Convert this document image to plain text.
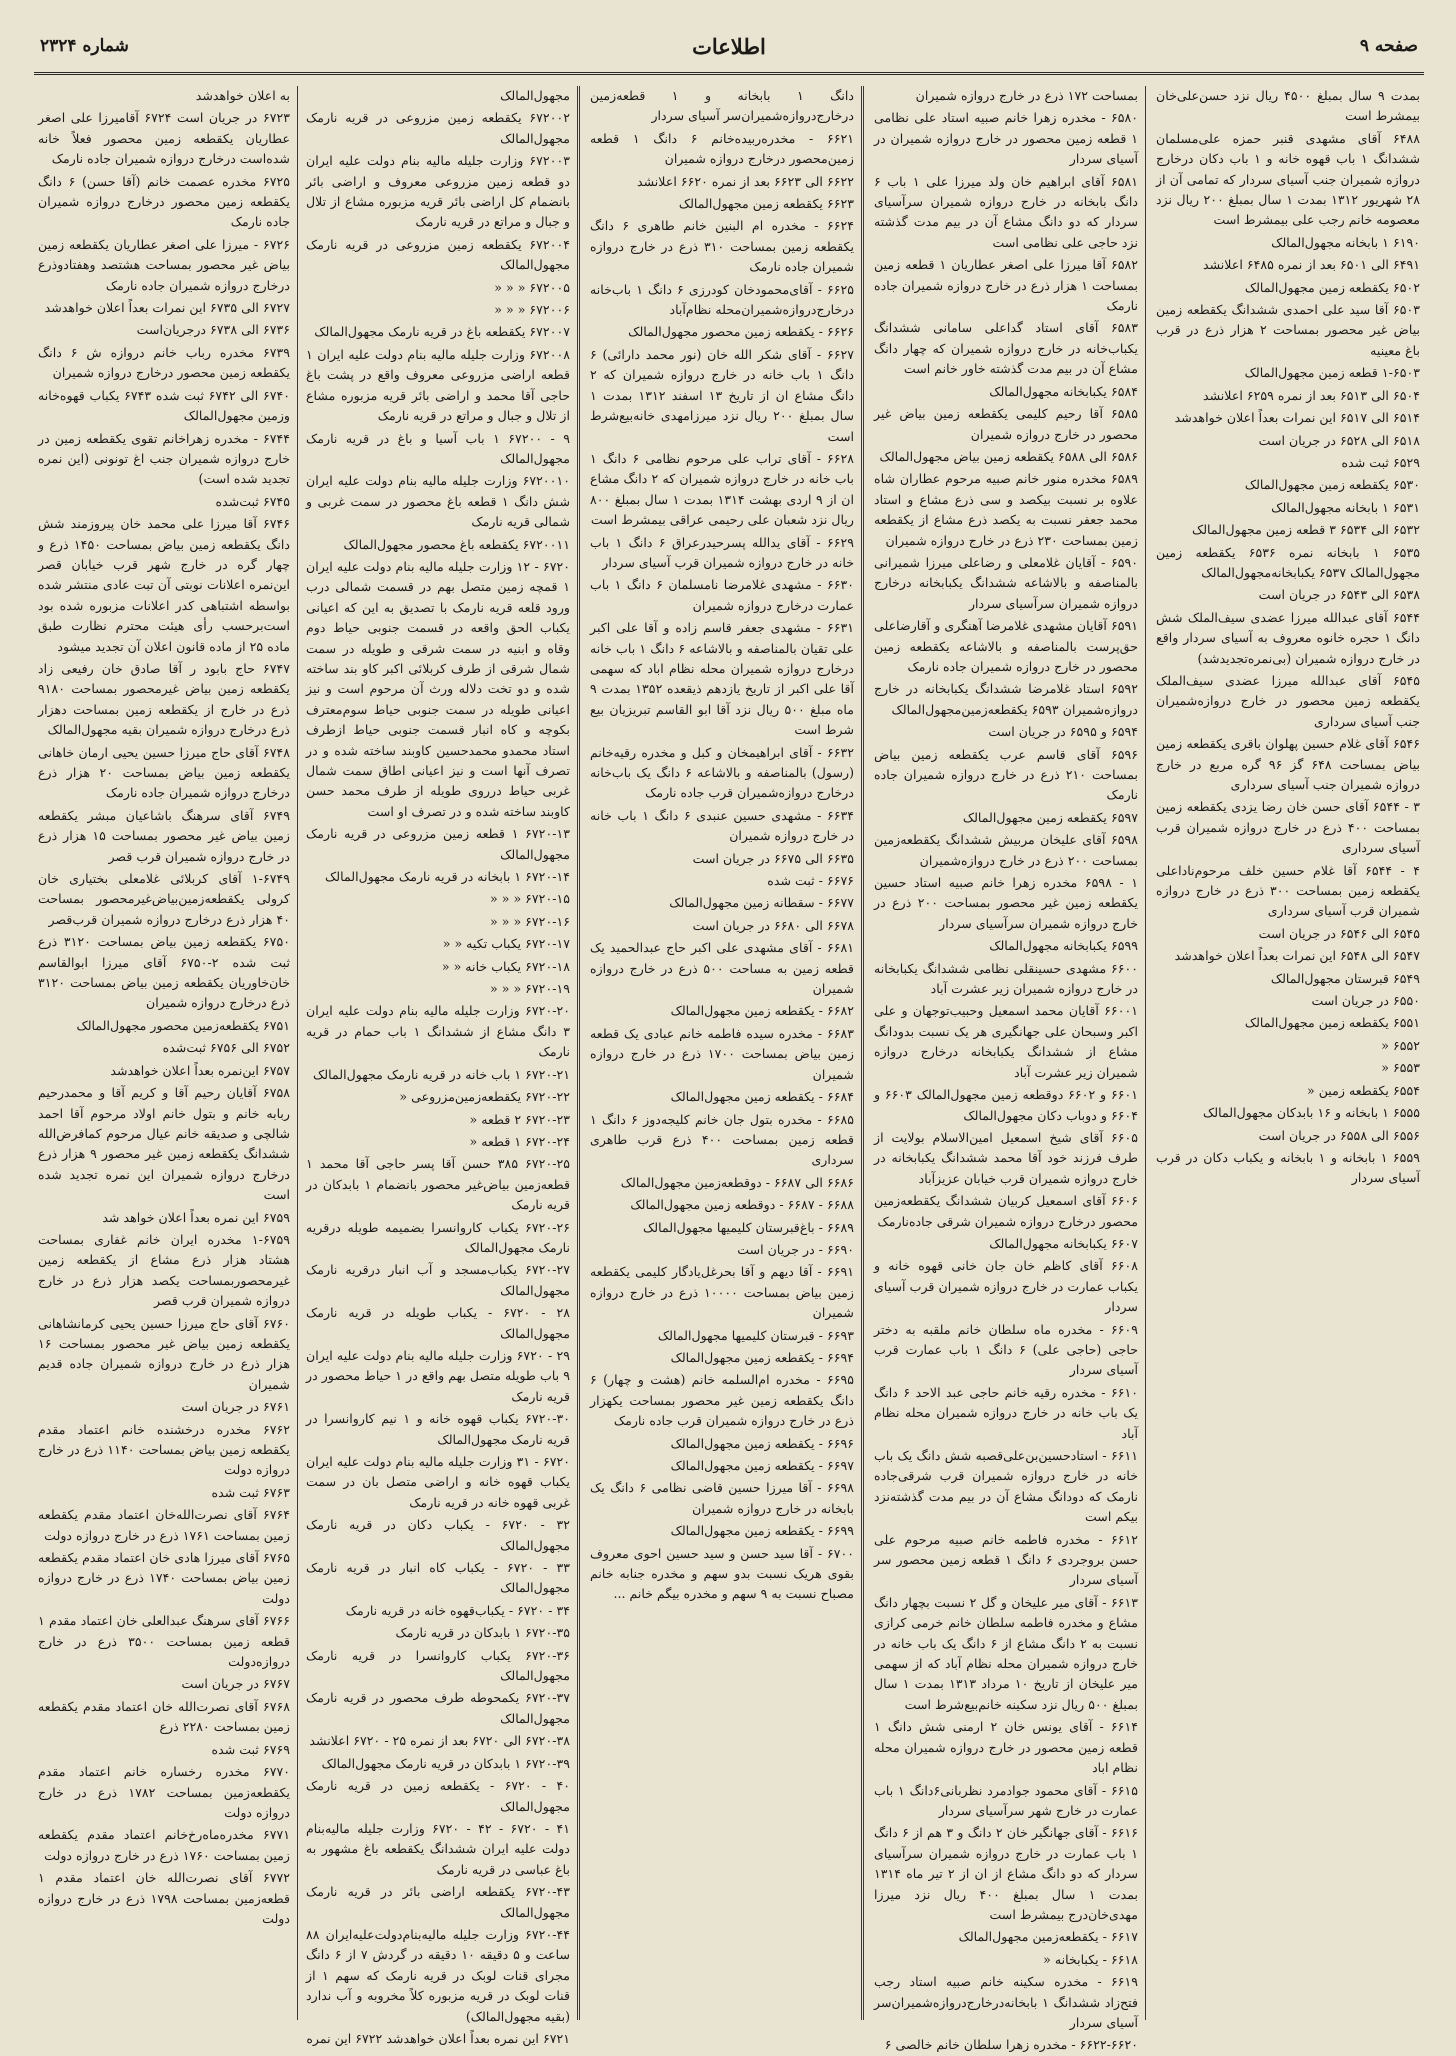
صفحه ۹
اطلاعات
شماره ۲۳۲۴

بمدت ۹ سال بمبلغ ۴۵۰۰ ریال نزد حسن‌علی‌خان بیمشرط است

۶۴۸۸ آقای مشهدی قنبر حمزه علی‌مسلمان ششدانگ ۱ باب قهوه خانه و ۱ باب دکان درخارج دروازه شمیران جنب آسیای سردار که تمامی آن از ۲۸ شهریور ۱۳۱۲ بمدت ۱ سال بمبلغ ۲۰۰ ریال نزد معصومه خانم رجب علی بیمشرط است

۶۱۹۰ ۱ بابخانه مجهول‌المالک

۶۴۹۱ الی ۶۵۰۱ بعد از نمره ۶۴۸۵ اعلانشد

۶۵۰۲ یکقطعه زمین مجهول‌المالک

۶۵۰۳ آقا سید علی احمدی ششدانگ یکقطعه زمین بیاض غیر محصور بمساحت ۲ هزار ذرع در قرب باغ معینیه

۱-۶۵۰۳ قطعه زمین مجهول‌المالک

۶۵۰۴ الی ۶۵۱۳ بعد از نمره ۶۲۵۹ اعلانشد

۶۵۱۴ الی ۶۵۱۷ این نمرات بعداً اعلان خواهدشد

۶۵۱۸ الی ۶۵۲۸ در جریان است

۶۵۲۹ ثبت شده

۶۵۳۰ یکقطعه زمین مجهول‌المالک

۶۵۳۱ ۱ بابخانه مجهول‌المالک

۶۵۳۲ الی ۶۵۳۴ ۳ قطعه زمین مجهول‌المالک

۶۵۳۵ ۱ بابخانه نمره ۶۵۳۶ یکقطعه زمین مجهول‌المالک ۶۵۳۷ یکبابخانه‌مجهول‌المالک

۶۵۳۸ الی ۶۵۴۳ در جریان است

۶۵۴۴ آقای عبدالله میرزا عضدی سیف‌الملک شش دانگ ۱ حجره خانوه معروف به آسیای سردار واقع در خارج دروازه شمیران (بی‌نمره‌تجدید‌شد)

۶۵۴۵ آقای عبدالله میرزا عضدی سیف‌الملک یکقطعه زمین محصور در خارج دروازه‌شمیران جنب آسیای سرداری

۶۵۴۶ آقای غلام حسین پهلوان باقری یکقطعه زمین بیاض بمساحت ۶۴۸ گز ۹۶ گره مربع در خارج دروازه شمیران جنب آسیای سرداری

۳ - ۶۵۴۴ آقای حسن خان رضا یزدی یکقطعه زمین بمساحت ۴۰۰ ذرع در خارج دروازه شمیران قرب آسیای سرداری

۴ - ۶۵۴۴ آقا غلام حسین خلف مرحوم‌ناداعلی یکقطعه زمین بمساحت ۳۰۰ ذرع در خارج دروازه شمیران قرب آسیای سرداری

۶۵۴۵ الی ۶۵۴۶ در جریان است

۶۵۴۷ الی ۶۵۴۸ این نمرات بعداً اعلان خواهدشد

۶۵۴۹ قبرستان مجهول‌المالک

۶۵۵۰ در جریان است

۶۵۵۱ یکقطعه زمین مجهول‌المالک

۶۵۵۲ «

۶۵۵۳ «

۶۵۵۴ یکقطعه زمین «

۶۵۵۵ ۱ بابخانه و ۱۶ بابدکان مجهول‌المالک

۶۵۵۶ الی ۶۵۵۸ در جریان است

۶۵۵۹ ۱ بابخانه و ۱ بابخانه و یکباب دکان در قرب آسیای سردار

بمساحت ۱۷۲ ذرع در خارج دروازه شمیران

۶۵۸۰ - مخدره زهرا خانم صبیه استاد علی نظامی ۱ قطعه زمین محصور در خارج دروازه شمیران در آسیای سردار

۶۵۸۱ آقای ابراهیم خان ولد میرزا علی ۱ باب ۶ دانگ بابخانه در خارج دروازه شمیران سرآسیای سردار که دو دانگ مشاع آن در بیم مدت گذشته نزد حاجی علی نظامی است

۶۵۸۲ آقا میرزا علی اصغر عطاریان ۱ قطعه زمین بمساحت ۱ هزار ذرع در خارج دروازه شمیران جاده نارمک

۶۵۸۳ آقای استاد گداعلی سامانی ششدانگ یکباب‌خانه در خارج دروازه شمیران که چهار دانگ مشاع آن در بیم مدت گذشته خاور خانم است

۶۵۸۴ یکبابخانه مجهول‌المالک

۶۵۸۵ آقا رحیم کلیمی یکقطعه زمین بیاض غیر محصور در خارج دروازه شمیران

۶۵۸۶ الی ۶۵۸۸ یکقطعه زمین بیاض مجهول‌المالک

۶۵۸۹ مخدره منور خانم صبیه مرحوم عطاران شاه علاوه بر نسبت بیکصد و سی ذرع مشاع و استاد محمد جعفر نسبت به یکصد ذرع مشاع از یکقطعه زمین بمساحت ۲۳۰ ذرع در خارج دروازه شمیران

۶۵۹۰ - آقایان غلامعلی و رضاعلی میرزا شمیرانی بالمناصفه و بالاشاعه ششدانگ یکبابخانه درخارج دروازه شمیران سرآسیای سردار

۶۵۹۱ آقایان مشهدی غلامرضا آهنگری و آقارضاعلی حق‌پرست بالمناصفه و بالاشاعه یکقطعه زمین محصور در خارج دروازه شمیران جاده نارمک

۶۵۹۲ استاد غلامرضا ششدانگ یکبابخانه در خارج دروازه‌شمیران ۶۵۹۳ یکقطعه‌زمین‌مجهول‌المالک

۶۵۹۴ و ۶۵۹۵ در جریان است

۶۵۹۶ آقای قاسم عرب یکقطعه زمین بیاض بمساحت ۲۱۰ ذرع در خارج دروازه شمیران جاده نارمک

۶۵۹۷ یکقطعه زمین مجهول‌المالک

۶۵۹۸ آقای علیخان مربیش ششدانگ یکقطعه‌زمین بمساحت ۲۰۰ ذرع در خارج دروازه‌شمیران

۱ - ۶۵۹۸ مخدره زهرا خانم صبیه استاد حسین یکقطعه زمین غیر محصور بمساحت ۲۰۰ ذرع در خارج دروازه شمیران سرآسیای سردار

۶۵۹۹ یکبابخانه مجهول‌المالک

۶۶۰۰ مشهدی حسینقلی نظامی ششدانگ یکبابخانه در خارج دروازه شمیران زیر عشرت آباد

۶۶۰۰۱ آقایان محمد اسمعیل وحبیب‌توجهان و علی اکبر وسبحان علی جهانگیری هر یک نسبت بدودانگ مشاع از ششدانگ یکبابخانه درخارج دروازه شمیران زیر عشرت آباد

۶۶۰۱ و ۶۶۰۲ دوقطعه زمین مجهول‌المالک ۶۶۰۳ و ۶۶۰۴ و دوباب دکان مجهول‌المالک

۶۶۰۵ آقای شیخ اسمعیل امین‌الاسلام بولایت از طرف فرزند خود آقا محمد ششدانگ یکبابخانه در خارج دروازه شمیران قرب خیابان عزیزآباد

۶۶۰۶ آقای اسمعیل کربیان ششدانگ یکقطعه‌زمین محصور درخارج دروازه شمیران شرقی جاده‌نارمک

۶۶۰۷ یکبابخانه مجهول‌المالک

۶۶۰۸ آقای کاظم خان جان خانی قهوه خانه و یکباب عمارت در خارج دروازه شمیران قرب آسیای سردار

۶۶۰۹ - مخدره ماه سلطان خانم ملقبه به دختر حاجی (حاجی علی) ۶ دانگ ۱ باب عمارت قرب آسیای سردار

۶۶۱۰ - مخدره رقیه خانم حاجی عبد الاحد ۶ دانگ یک باب خانه در خارج دروازه شمیران محله نظام آباد

۶۶۱۱ - استادحسین‌بن‌علی‌قصبه شش دانگ یک باب خانه در خارج دروازه شمیران قرب شرقی‌جاده نارمک که دودانگ مشاع آن در بیم مدت گذشته‌نزد بیکم است

۶۶۱۲ - مخدره فاطمه خانم صبیه مرحوم علی حسن بروجردی ۶ دانگ ۱ قطعه زمین محصور سر آسیای سردار

۶۶۱۳ - آقای میر علیخان و گل ۲ نسبت بچهار دانگ مشاع و مخدره فاطمه سلطان خانم خرمی کرازی نسبت به ۲ دانگ مشاع از ۶ دانگ یک باب خانه در خارج دروازه شمیران محله نظام آباد که از سهمی میر علیخان از تاریخ ۱۰ مرداد ۱۳۱۳ بمدت ۱ سال بمبلغ ۵۰۰ ریال نزد سکینه خانم‌بیع‌شرط است

۶۶۱۴ - آقای یونس خان ۲ ارمنی شش دانگ ۱ قطعه زمین محصور در خارج دروازه شمیران محله نظام اباد

۶۶۱۵ - آقای محمود جوادمرد نظربانی‌۶دانگ ۱ باب عمارت در خارج شهر سرآسیای سردار

۶۶۱۶ - آقای جهانگیر خان ۲ دانگ و ۳ هم از ۶ دانگ ۱ باب عمارت در خارج دروازه شمیران سرآسیای سردار که دو دانگ مشاع از ان از ۲ تیر ماه ۱۳۱۴ بمدت ۱ سال بمبلغ ۴۰۰ ریال نزد میرزا مهدی‌خان‌درج بیمشرط است

۶۶۱۷ - یکقطعه‌زمین مجهول‌المالک

۶۶۱۸ - یکبابخانه «

۶۶۱۹ - مخدره سکینه خانم صبیه استاد رجب فتح‌زاد ششدانگ ۱ بابخانه‌درخارج‌دروازه‌شمیران‌سر آسیای سردار

۶۶۲۲-۶۶۲۰ - مخدره زهرا سلطان خانم خالصی ۶

دانگ ۱ بابخانه و ۱ قطعه‌زمین درخارج‌دروازه‌شمیران‌سر آسیای سردار

۶۶۲۱ - مخدره‌ربیده‌خانم ۶ دانگ ۱ قطعه زمین‌محصور درخارج دروازه شمیران

۶۶۲۲ الی ۶۶۲۳ بعد از نمره ۶۶۲۰ اعلانشد

۶۶۲۳ یکقطعه زمین مجهول‌المالک

۶۶۲۴ - مخدره ام البنین خانم طاهری ۶ دانگ یکقطعه زمین بمساحت ۳۱۰ ذرع در خارج دروازه شمیران جاده نارمک

۶۶۲۵ - آقای‌محمودخان کودرزی ۶ دانگ ۱ باب‌خانه درخارج‌دروازه‌شمیران‌محله نظام‌آباد

۶۶۲۶ - یکقطعه زمین محصور مجهول‌المالک

۶۶۲۷ - آقای شکر الله خان (نور محمد دارائی) ۶ دانگ ۱ باب خانه در خارج دروازه شمیران که ۲ دانگ مشاع ان از تاریخ ۱۳ اسفند ۱۳۱۲ بمدت ۱ سال بمبلغ ۲۰۰ ریال نزد میرزا‌مهدی خانه‌بیع‌شرط است

۶۶۲۸ - آقای تراب علی مرحوم نظامی ۶ دانگ ۱ باب خانه در خارج دروازه شمیران که ۲ دانگ مشاع ان از ۹ اردی بهشت ۱۳۱۴ بمدت ۱ سال بمبلغ ۸۰۰ ریال نزد شعبان علی رحیمی عراقی بیمشرط است

۶۶۲۹ - آقای یدالله پسرحیدرعراق ۶ دانگ ۱ باب خانه در خارج دروازه شمیران قرب آسیای سردار

۶۶۳۰ - مشهدی غلامرضا نامسلمان ۶ دانگ ۱ باب عمارت درخارج دروازه شمیران

۶۶۳۱ - مشهدی جعفر قاسم زاده و آقا علی اکبر علی تقیان بالمناصفه و بالاشاعه ۶ دانگ ۱ باب خانه درخارج دروازه شمیران محله نظام اباد که سهمی آقا علی اکبر از تاریخ یازدهم ذیقعده ۱۳۵۲ بمدت ۹ ماه مبلغ ۵۰۰ ریال نزد آقا ابو القاسم تبریزیان بیع شرط است

۶۶۳۲ - آقای ابراهیمخان و کبل و مخدره رقیه‌خانم (رسول) بالمناصفه و بالاشاعه ۶ دانگ یک باب‌خانه درخارج دروازه‌شمیران قرب جاده نارمک

۶۶۳۴ - مشهدی حسین عنبدی ۶ دانگ ۱ باب خانه در خارج دروازه شمیران

۶۶۳۵ الی ۶۶۷۵ در جریان است

۶۶۷۶ - ثبت شده

۶۶۷۷ - سقطانه زمین مجهول‌المالک

۶۶۷۸ الی ۶۶۸۰ در جریان است

۶۶۸۱ - آقای مشهدی علی اکبر حاج عبدالحمید یک قطعه زمین به مساحت ۵۰۰ ذرع در خارج دروازه شمیران

۶۶۸۲ - یکقطعه زمین مجهول‌المالک

۶۶۸۳ - مخدره سیده فاطمه خانم عبادی یک قطعه زمین بیاض بمساحت ۱۷۰۰ ذرع در خارج دروازه شمیران

۶۶۸۴ - یکقطعه زمین مجهول‌المالک

۶۶۸۵ - مخدره بتول جان خانم کلیجه‌دوز ۶ دانگ ۱ قطعه زمین بمساحت ۴۰۰ ذرع قرب طاهری سرداری

۶۶۸۶ الی ۶۶۸۷ - دوقطعه‌زمین مجهول‌المالک

۶۶۸۸ - ۶۶۸۷ - دوقطعه زمین مجهول‌المالک

۶۶۸۹ - باغ‌قبرستان کلیمیها مجهول‌المالک

۶۶۹۰ - در جریان است

۶۶۹۱ - آقا دیهم و آقا بحرغل‌یادگار کلیمی یکقطعه زمین بیاض بمساحت ۱۰۰۰۰ ذرع در خارج دروازه شمیران

۶۶۹۳ - قبرستان کلیمیها مجهول‌المالک

۶۶۹۴ - یکقطعه زمین مجهول‌المالک

۶۶۹۵ - مخدره ام‌السلمه خانم (هشت و چهار) ۶ دانگ یکقطعه زمین غیر محصور بمساحت یکهزار ذرع در خارج دروازه شمیران قرب جاده نارمک

۶۶۹۶ - یکقطعه زمین مجهول‌المالک

۶۶۹۷ - یکقطعه زمین مجهول‌المالک

۶۶۹۸ - آقا میرزا حسین قاضی نظامی ۶ دانگ یک بابخانه در خارج دروازه شمیران

۶۶۹۹ - یکقطعه زمین مجهول‌المالک

۶۷۰۰ - آقا سید حسن و سید حسین احوی معروف بقوی هریک نسبت بدو سهم و مخدره جنابه خانم مصباح نسبت به ۹ سهم و مخدره بیگم خانم ...

مجهول‌المالک

۶۷۲۰۰۲ یکقطعه زمین مزروعی در قریه نارمک مجهول‌المالک

۶۷۲۰۰۳ وزارت جلیله مالیه بنام دولت علیه ایران دو قطعه زمین مزروعی معروف و اراضی بائر بانضمام کل اراضی بائر قریه مزبوره مشاع از تلال و جبال و مراتع در قریه نارمک

۶۷۲۰۰۴ یکقطعه زمین مزروعی در قریه نارمک مجهول‌المالک

۶۷۲۰۰۵ « « «

۶۷۲۰۰۶ « « «

۶۷۲۰۰۷ یکقطعه باغ در قریه نارمک مجهول‌المالک

۶۷۲۰۰۸ وزارت جلیله مالیه بنام دولت علیه ایران ۱ قطعه اراضی مزروعی معروف واقع در پشت باغ حاجی آقا محمد و اراضی بائر قریه مزبوره مشاع از تلال و جبال و مراتع در قریه نارمک

۹ - ۶۷۲۰۰ ۱ باب آسیا و باغ در قریه نارمک مجهول‌المالک

۶۷۲۰۰۱۰ وزارت جلیله مالیه بنام دولت علیه ایران شش دانگ ۱ قطعه باغ محصور در سمت غربی و شمالی قریه نارمک

۶۷۲۰۰۱۱ یکقطعه باغ محصور مجهول‌المالک

۶۷۲۰ - ۱۲ وزارت جلیله مالیه بنام دولت علیه ایران ۱ قمچه زمین متصل بهم در قسمت شمالی درب ورود قلعه قریه نارمک با تصدیق به این که اعیانی یکباب الحق واقعه در قسمت جنوبی حیاط دوم وقاه و ابنیه در سمت شرقی و طویله در سمت شمال شرقی از طرف کربلائی اکبر کاو بند ساخته شده و دو تخت دلاله ورث آن مرحوم است و نیز اعیانی طویله در سمت جنوبی حیاط سوم‌معترف بکوچه و کاه انبار قسمت جنوبی حیاط ازطرف استاد محمدو محمدحسین کاوبند ساخته شده و در تصرف آنها است و نیز اعیانی اطاق سمت شمال غربی حیاط درروی طویله از طرف محمد حسن کاوبند ساخته شده و در تصرف او است

۶۷۲۰-۱۳ ۱ قطعه زمین مزروعی در قریه نارمک مجهول‌المالک

۶۷۲۰-۱۴ ۱ بابخانه در قریه نارمک مجهول‌المالک

۶۷۲۰-۱۵ « « «

۶۷۲۰-۱۶ « « «

۶۷۲۰-۱۷ یکباب تکیه « «

۶۷۲۰-۱۸ یکباب خانه « «

۶۷۲۰-۱۹ « « «

۶۷۲۰-۲۰ وزارت جلیله مالیه بنام دولت علیه ایران ۳ دانگ مشاع از ششدانگ ۱ باب حمام در قریه نارمک

۶۷۲۰-۲۱ ۱ باب خانه در قریه نارمک مجهول‌المالک

۶۷۲۰-۲۲ یکقطعه‌زمین‌مزروعی «

۶۷۲۰-۲۳ ۲ قطعه «

۶۷۲۰-۲۴ ۱ قطعه «

۶۷۲۰-۲۵ ۳۸۵ حسن آقا پسر حاجی آقا محمد ۱ قطعه‌زمین بیاض‌غیر محصور بانضمام ۱ بابدکان در قریه نارمک

۶۷۲۰-۲۶ یکباب کاروانسرا بضمیمه طویله درقریه نارمک مجهول‌المالک

۶۷۲۰-۲۷ یکباب‌مسجد و آب انبار درقریه نارمک مجهول‌المالک

۲۸ - ۶۷۲۰ - یکباب طویله در قریه نارمک مجهول‌المالک

۲۹ - ۶۷۲۰ وزارت جلیله مالیه بنام دولت علیه ایران ۹ باب طویله متصل بهم واقع در ۱ حیاط محصور در قریه نارمک

۶۷۲۰-۳۰ یکباب قهوه خانه و ۱ نیم کاروانسرا در قریه نارمک مجهول‌المالک

۶۷۲۰ - ۳۱ وزارت جلیله مالیه بنام دولت علیه ایران یکباب قهوه خانه و اراضی متصل بان در سمت غربی قهوه خانه در قریه نارمک

۳۲ - ۶۷۲۰ - یکباب دکان در قریه نارمک مجهول‌المالک

۳۳ - ۶۷۲۰ - یکباب کاه انبار در قریه نارمک مجهول‌المالک

۳۴ - ۶۷۲۰ - یکباب‌قهوه خانه در قریه نارمک

۶۷۲۰-۳۵ ۱ بابدکان در قریه نارمک

۶۷۲۰-۳۶ یکباب کاروانسرا در قریه نارمک مجهول‌المالک

۶۷۲۰-۳۷ یکمحوطه طرف محصور در قریه نارمک مجهول‌المالک

۶۷۲۰-۳۸ الی ۶۷۲۰ بعد از نمره ۲۵ - ۶۷۲۰ اعلانشد

۶۷۲۰-۳۹ ۱ بابدکان در قریه نارمک مجهول‌المالک

۴۰ - ۶۷۲۰ - یکقطعه زمین در قریه نارمک مجهول‌المالک

۴۱ - ۶۷۲۰ - ۴۲ - ۶۷۲۰ وزارت جلیله مالیه‌بنام دولت علیه ایران ششدانگ یکقطعه باغ مشهور به باغ عباسی در قریه نارمک

۶۷۲۰-۴۳ یکقطعه اراضی بائر در قریه نارمک مجهول‌المالک

۶۷۲۰-۴۴ وزارت جلیله مالیه‌بنام‌دولت‌علیه‌ایران ۸۸ ساعت و ۵ دقیقه ۱۰ دقیقه در گردش ۷ از ۶ دانگ مجرای قنات لوبک در قریه نارمک که سهم ۱ از قنات لوبک در قریه مزبوره کلاً مخروبه و آب ندارد (بقیه مجهول‌المالک)

۶۷۲۱ این نمره بعداً اعلان خواهدشد ۶۷۲۲ این نمره

به اعلان خواهدشد

۶۷۲۳ در جریان است ۶۷۲۴ آقامیرزا علی اصغر عطاریان یکقطعه زمین محصور فعلاً خانه شده‌است درخارج دروازه شمیران جاده نارمک

۶۷۲۵ مخدره عصمت خانم (آقا حسن) ۶ دانگ یکقطعه زمین محصور درخارج دروازه شمیران جاده نارمک

۶۷۲۶ - میرزا علی اصغر عطاریان یکقطعه زمین بیاض غیر محصور بمساحت هشتصد وهفتادوذرع درخارج دروازه شمیران جاده نارمک

۶۷۲۷ الی ۶۷۳۵ این نمرات بعداً اعلان خواهدشد

۶۷۳۶ الی ۶۷۳۸ درجریان‌است

۶۷۳۹ مخدره رباب خانم دروازه ش ۶ دانگ یکقطعه زمین محصور درخارج دروازه شمیران

۶۷۴۰ الی ۶۷۴۲ ثبت شده ۶۷۴۳ یکباب قهوه‌خانه وزمین مجهول‌المالک

۶۷۴۴ - مخدره زهراخانم تقوی یکقطعه زمین در خارج دروازه شمیران جنب اغ تونونی (این نمره تجدید شده است)

۶۷۴۵ ثبت‌شده

۶۷۴۶ آقا میرزا علی محمد خان پیروزمند شش دانگ یکقطعه زمین بیاض بمساحت ۱۴۵۰ ذرع و چهار گره در خارج شهر قرب خیابان قصر این‌نمره اعلانات نوبتی آن تبت عادی منتشر شده بواسطه اشتباهی کدر اعلانات مزبوره شده بود است‌برحسب رأی هیئت محترم نظارت طبق ماده ۲۵ از ماده قانون اعلان آن تجدید میشود

۶۷۴۷ حاج بابود ر آقا صادق خان رفیعی زاد یکقطعه زمین بیاض غیرمحصور بمساحت ۹۱۸۰ ذرع در خارج از یکقطعه زمین بمساحت دهزار ذرع درخارج دروازه شمیران بقیه مجهول‌المالک

۶۷۴۸ آقای حاج میرزا حسین یحیی ارمان خاهانی یکقطعه زمین بیاض بمساحت ۲۰ هزار ذرع درخارج دروازه شمیران جاده نارمک

۶۷۴۹ آقای سرهنگ باشاعیان مبشر یکقطعه زمین بیاض غیر محصور بمساحت ۱۵ هزار ذرع در خارج دروازه شمیران قرب قصر

۱-۶۷۴۹ آقای کربلائی غلامعلی بختیاری خان کرولی یکقطعه‌زمین‌بیاض‌غیرمحصور بمساحت ۴۰ هزار ذرع درخارج دروازه شمیران قرب‌قصر

۶۷۵۰ یکقطعه زمین بیاض بمساحت ۳۱۲۰ ذرع ثبت شده ۲-۶۷۵۰ آقای میرزا ابوالقاسم خان‌خاوریان یکقطعه زمین بیاض بمساحت ۳۱۲۰ ذرع درخارج دروازه شمیران

۶۷۵۱ یکقطعه‌زمین محصور مجهول‌المالک

۶۷۵۲ الی ۶۷۵۶ ثبت‌شده

۶۷۵۷ این‌نمره بعداً اعلان خواهدشد

۶۷۵۸ آقایان رحیم آقا و کریم آقا و محمدرحیم ربابه خانم و بتول خانم اولاد مرحوم آقا احمد شالچی و صدیقه خانم عیال مرحوم کمافرض‌الله ششدانگ یکقطعه زمین غیر محصور ۹ هزار ذرع درخارج دروازه شمیران این نمره تجدید شده است

۶۷۵۹ این نمره بعداً اعلان خواهد شد

۱-۶۷۵۹ مخدره ایران خانم غفاری بمساحت هشتاد هزار ذرع مشاع از یکقطعه زمین غیرمحصوربمساحت یکصد هزار ذرع در خارج دروازه شمیران قرب قصر

۶۷۶۰ آقای حاج میرزا حسین یحیی کرمانشاهانی یکقطعه زمین بیاض غیر محصور بمساحت ۱۶ هزار ذرع در خارج دروازه شمیران جاده قدیم شمیران

۶۷۶۱ در جریان است

۶۷۶۲ مخدره درخشنده خانم اعتماد مقدم یکقطعه زمین بیاض بمساحت ۱۱۴۰ ذرع در خارج دروازه دولت

۶۷۶۳ ثبت شده

۶۷۶۴ آقای نصرت‌الله‌خان اعتماد مقدم یکقطعه زمین بمساحت ۱۷۶۱ ذرع در خارج دروازه دولت

۶۷۶۵ آقای میرزا هادی خان اعتماد مقدم یکقطعه زمین بیاض بمساحت ۱۷۴۰ ذرع در خارج دروازه دولت

۶۷۶۶ آقای سرهنگ عبدالعلی خان اعتماد مقدم ۱ قطعه زمین بمساحت ۳۵۰۰ ذرع در خارج دروازه‌دولت

۶۷۶۷ در جریان است

۶۷۶۸ آقای نصرت‌الله خان اعتماد مقدم یکقطعه زمین بمساحت ۲۲۸۰ ذرع

۶۷۶۹ ثبت شده

۶۷۷۰ مخدره رخساره خانم اعتماد مقدم یکقطعه‌زمین بمساحت ۱۷۸۲ ذرع در خارج دروازه دولت

۶۷۷۱ مخدره‌ماه‌رخ‌خانم اعتماد مقدم یکقطعه زمین بمساحت ۱۷۶۰ ذرع در خارج دروازه دولت

۶۷۷۲ آقای نصرت‌الله خان اعتماد مقدم ۱ قطعه‌زمین بمساحت ۱۷۹۸ ذرع در خارج دروازه دولت
